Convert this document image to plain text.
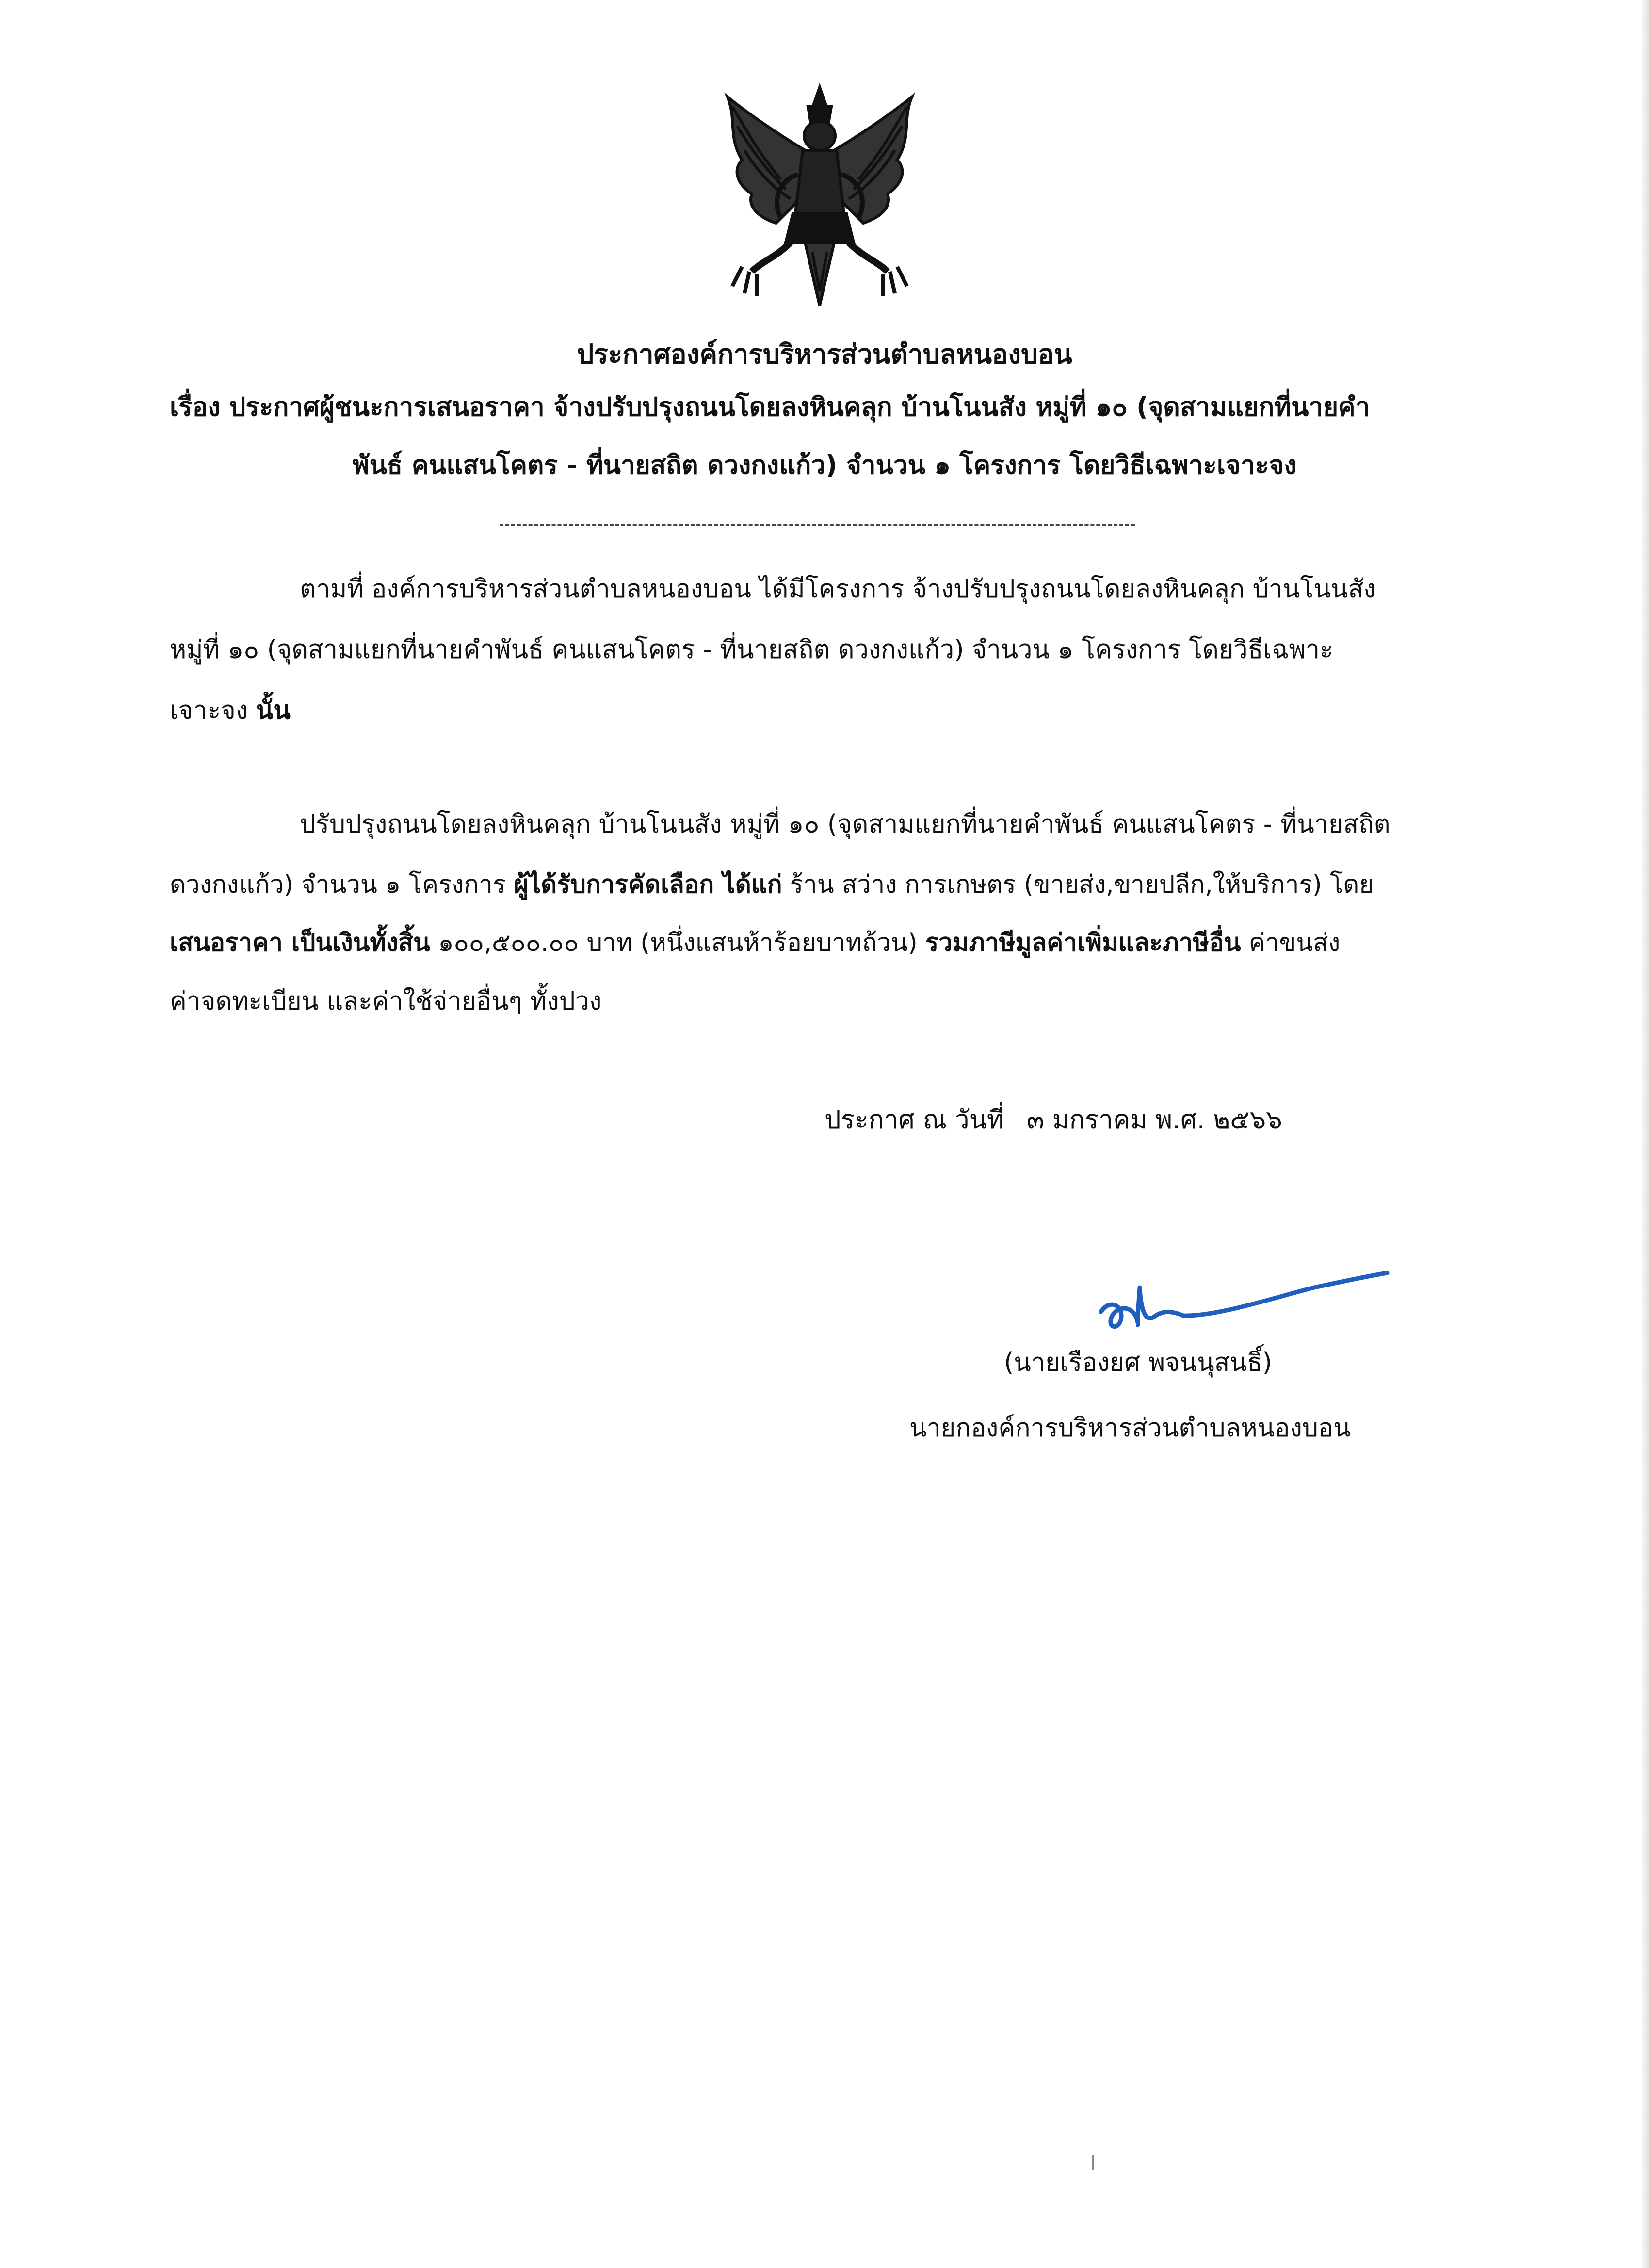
ประกาศองค์การบริหารส่วนตำบลหนองบอน
เรื่อง ประกาศผู้ชนะการเสนอราคา จ้างปรับปรุงถนนโดยลงหินคลุก บ้านโนนสัง หมู่ที่ ๑๐ (จุดสามแยกที่นายคำ
พันธ์ คนแสนโคตร - ที่นายสถิต ดวงกงแก้ว) จำนวน ๑ โครงการ โดยวิธีเฉพาะเจาะจง
ตามที่ องค์การบริหารส่วนตำบลหนองบอน ได้มีโครงการ จ้างปรับปรุงถนนโดยลงหินคลุก บ้านโนนสัง
หมู่ที่ ๑๐ (จุดสามแยกที่นายคำพันธ์ คนแสนโคตร - ที่นายสถิต ดวงกงแก้ว) จำนวน ๑ โครงการ โดยวิธีเฉพาะ
เจาะจง นั้น
ปรับปรุงถนนโดยลงหินคลุก บ้านโนนสัง หมู่ที่ ๑๐ (จุดสามแยกที่นายคำพันธ์ คนแสนโคตร - ที่นายสถิต
ดวงกงแก้ว) จำนวน ๑ โครงการ ผู้ได้รับการคัดเลือก ได้แก่ ร้าน สว่าง การเกษตร (ขายส่ง,ขายปลีก,ให้บริการ) โดย
เสนอราคา เป็นเงินทั้งสิ้น ๑๐๐,๕๐๐.๐๐ บาท (หนึ่งแสนห้าร้อยบาทถ้วน) รวมภาษีมูลค่าเพิ่มและภาษีอื่น ค่าขนส่ง
ค่าจดทะเบียน และค่าใช้จ่ายอื่นๆ ทั้งปวง
ประกาศ ณ วันที่ ๓ มกราคม พ.ศ. ๒๕๖๖
(นายเรืองยศ พจนนุสนธิ์)
นายกองค์การบริหารส่วนตำบลหนองบอน
